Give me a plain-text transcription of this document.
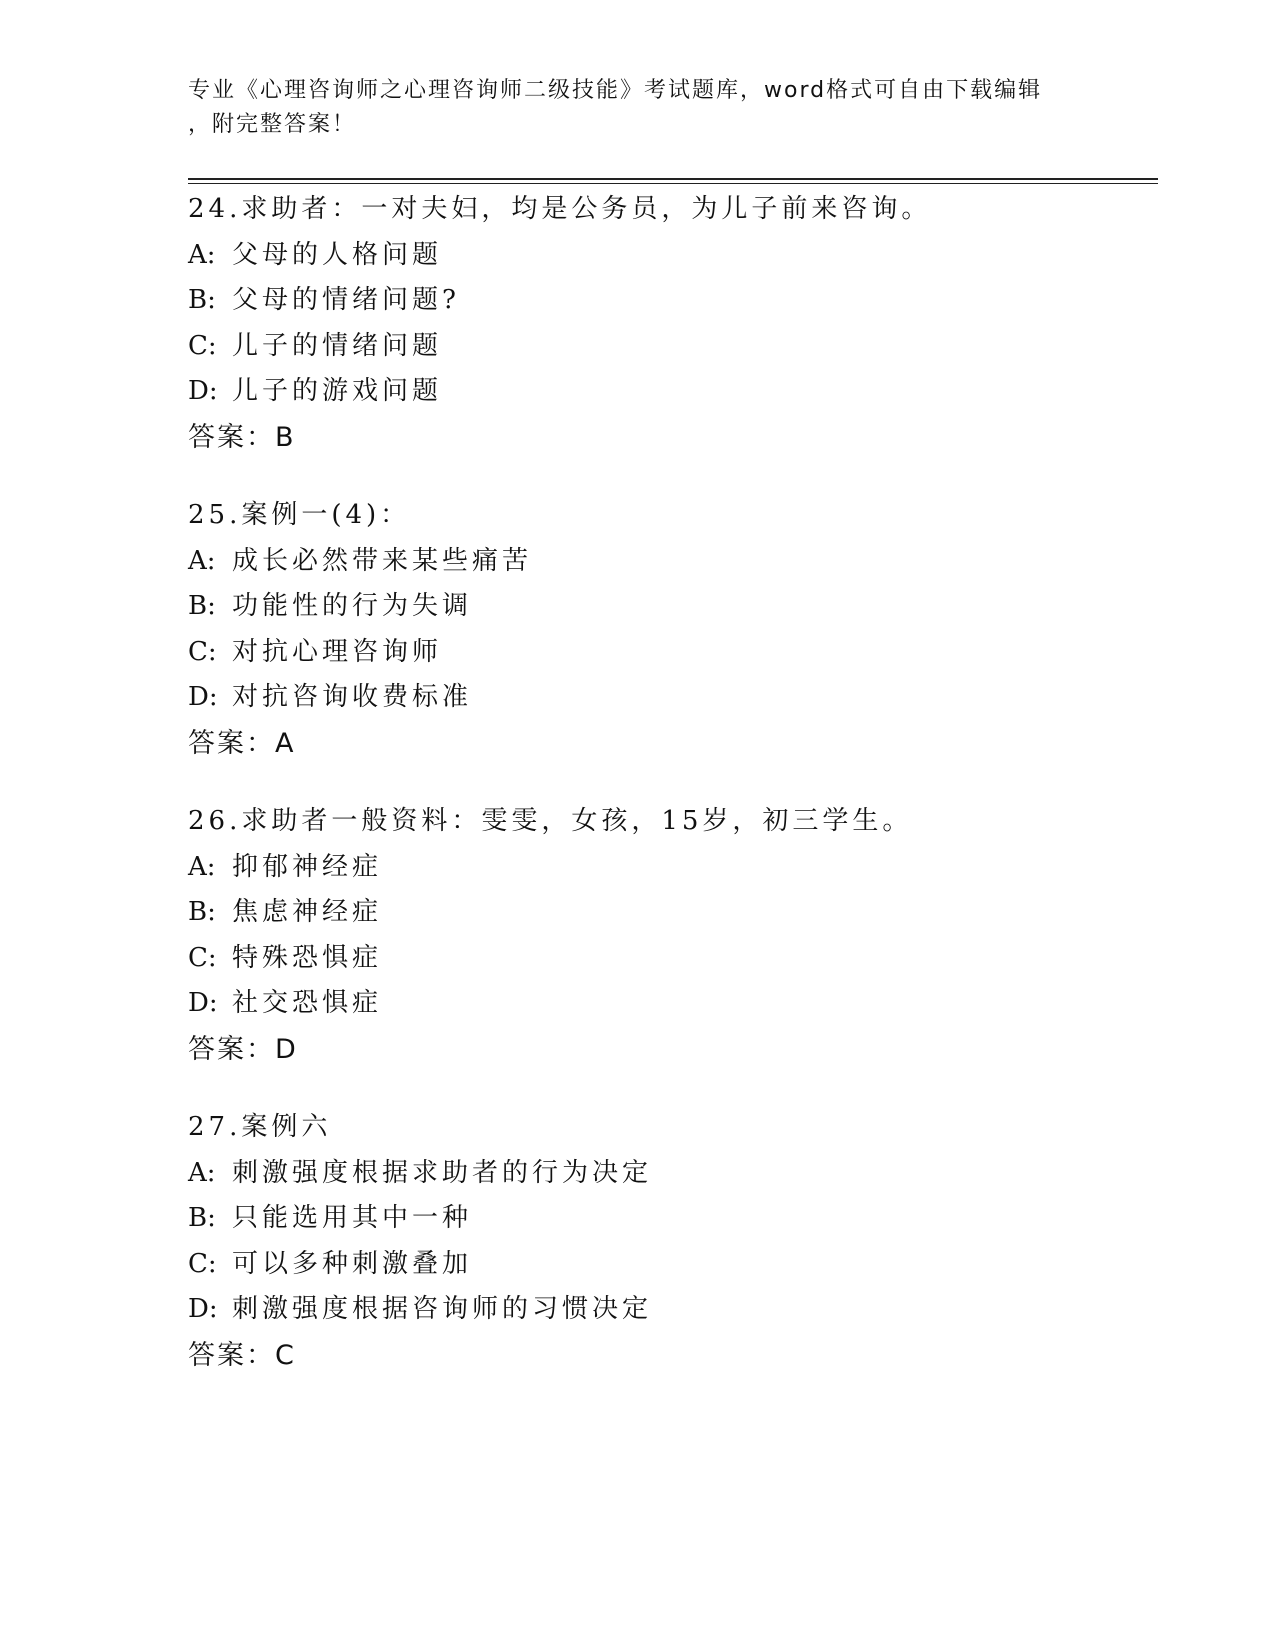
专业《心理咨询师之心理咨询师二级技能》考试题库，word格式可自由下载编辑
，附完整答案！
24.求助者：一对夫妇，均是公务员，为儿子前来咨询。
A: 父母的人格问题
B: 父母的情绪问题?
C: 儿子的情绪问题
D: 儿子的游戏问题
答案：B
25.案例一(4)：
A: 成长必然带来某些痛苦
B: 功能性的行为失调
C: 对抗心理咨询师
D: 对抗咨询收费标准
答案：A
26.求助者一般资料：雯雯，女孩，15岁，初三学生。
A: 抑郁神经症
B: 焦虑神经症
C: 特殊恐惧症
D: 社交恐惧症
答案：D
27.案例六
A: 刺激强度根据求助者的行为决定
B: 只能选用其中一种
C: 可以多种刺激叠加
D: 刺激强度根据咨询师的习惯决定
答案：C
